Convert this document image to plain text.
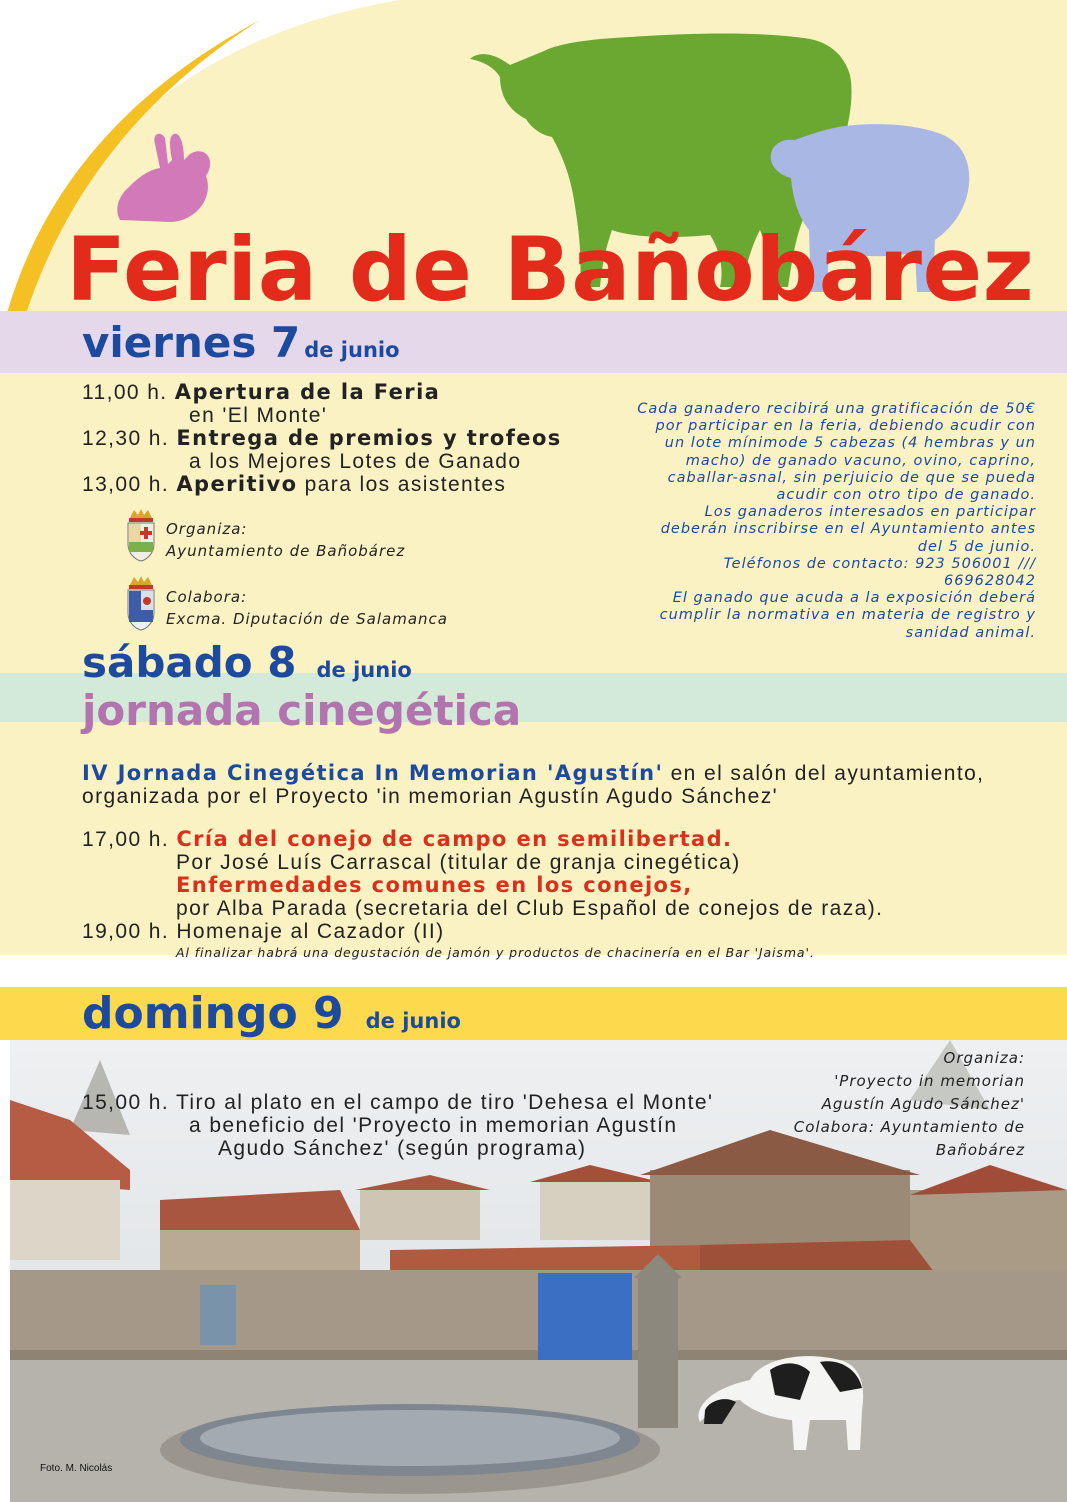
Feria de Bañobárez
viernes 7 de junio
11,00 h. Apertura de la Feria
en 'El Monte'
12,30 h. Entrega de premios y trofeos
a los Mejores Lotes de Ganado
13,00 h. Aperitivo para los asistentes
Organiza:
Ayuntamiento de Bañobárez
Colabora:
Excma. Diputación de Salamanca
Cada ganadero recibirá una gratificación de 50€
por participar en la feria, debiendo acudir con
un lote mínimode 5 cabezas (4 hembras y un
macho) de ganado vacuno, ovino, caprino,
caballar-asnal, sin perjuicio de que se pueda
acudir con otro tipo de ganado.
Los ganaderos interesados en participar
deberán inscribirse en el Ayuntamiento antes
del 5 de junio.
Teléfonos de contacto: 923 506001 ///
669628042
El ganado que acuda a la exposición deberá
cumplir la normativa en materia de registro y
sanidad animal.
sábado 8 de junio
jornada cinegética
IV Jornada Cinegética In Memorian 'Agustín' en el salón del ayuntamiento,
organizada por el Proyecto 'in memorian Agustín Agudo Sánchez'
17,00 h. Cría del conejo de campo en semilibertad.
Por José Luís Carrascal (titular de granja cinegética)
Enfermedades comunes en los conejos,
por Alba Parada (secretaria del Club Español de conejos de raza).
19,00 h. Homenaje al Cazador (II)
Al finalizar habrá una degustación de jamón y productos de chacinería en el Bar 'Jaisma'.
domingo 9 de junio
15,00 h. Tiro al plato en el campo de tiro 'Dehesa el Monte'
a beneficio del 'Proyecto in memorian Agustín
Agudo Sánchez' (según programa)
Organiza:
'Proyecto in memorian
Agustín Agudo Sánchez'
Colabora: Ayuntamiento de
Bañobárez
Foto. M. Nicolás
